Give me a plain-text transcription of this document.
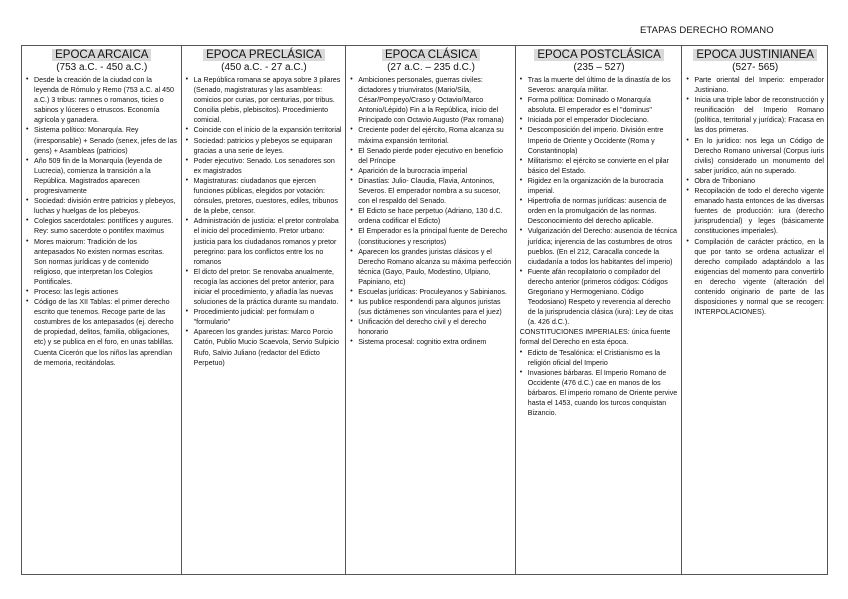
ETAPAS DERECHO ROMANO
EPOCA ARCAICA
(753 a.C. - 450 a.C.)
• Desde la creación de la ciudad con la leyenda de Rómulo y Remo (753 a.C. al 450 a.C.) 3 tribus: ramnes o romanos, ticies o sabinos y lúceres o etruscos. Economía agrícola y ganadera.
• Sistema político: Monarquía. Rey (irresponsable) + Senado (senex, jefes de las gens) + Asambleas (patricios)
• Año 509 fin de la Monarquía (leyenda de Lucrecia), comienza la transición a la República. Magistrados aparecen progresivamente
• Sociedad: división entre patricios y plebeyos, luchas y huelgas de los plebeyos.
• Colegios sacerdotales: pontífices y augures. Rey: sumo sacerdote o pontifex maximus
• Mores maiorum: Tradición de los antepasados No existen normas escritas. Son normas jurídicas y de contenido religioso, que interpretan los Colegios Pontificales.
• Proceso: las legis actiones
• Código de las XII Tablas: el primer derecho escrito que tenemos. Recoge parte de las costumbres de los antepasados (ej. derecho de propiedad, delitos, familia, obligaciones, etc) y se publica en el foro, en unas tablillas. Cuenta Cicerón que los niños las aprendían de memoria, recitándolas.
EPOCA PRECLÁSICA
(450 a.C. - 27 a.C.)
• La República romana se apoya sobre 3 pilares (Senado, magistraturas y las asambleas: comicios por curias, por centurias, por tribus. Concilia plebis, plebiscitos). Procedimiento comicial.
• Coincide con el inicio de la expansión territorial
• Sociedad: patricios y plebeyos se equiparan gracias a una serie de leyes.
• Poder ejecutivo: Senado. Los senadores son ex magistrados
• Magistraturas: ciudadanos que ejercen funciones públicas, elegidos por votación: cónsules, pretores, cuestores, ediles, tribunos de la plebe, censor.
• Administración de justicia: el pretor controlaba el inicio del procedimiento. Pretor urbano: justicia para los ciudadanos romanos y pretor peregrino: para los conflictos entre los no romanos
• El dicto del pretor: Se renovaba anualmente, recogía las acciones del pretor anterior, para iniciar el procedimiento, y añadía las nuevas soluciones de la práctica durante su mandato.
• Procedimiento judicial: per formulam o "formulario"
• Aparecen los grandes juristas: Marco Porcio Catón, Publio Mucio Scaevola, Servio Sulpicio Rufo, Salvio Juliano (redactor del Edicto Perpetuo)
EPOCA CLÁSICA
(27 a.C. – 235 d.C.)
• Ambiciones personales, guerras civiles: dictadores y triunviratos (Mario/Sila, César/Pompeyo/Craso y Octavio/Marco Antonio/Lépido) Fin a la República, inicio del Principado con Octavio Augusto (Pax romana)
• Creciente poder del ejército, Roma alcanza su máxima expansión territorial.
• El Senado pierde poder ejecutivo en beneficio del Príncipe
• Aparición de la burocracia imperial
• Dinastías: Julio- Claudia, Flavia, Antoninos, Severos. El emperador nombra a su sucesor, con el respaldo del Senado.
• El Edicto se hace perpetuo (Adriano, 130 d.C. ordena codificar el Edicto)
• El Emperador es la principal fuente de Derecho (constituciones y rescriptos)
• Aparecen los grandes juristas clásicos y el Derecho Romano alcanza su máxima perfección técnica (Gayo, Paulo, Modestino, Ulpiano, Papiniano, etc)
• Escuelas jurídicas: Proculeyanos y Sabinianos.
• Ius publice respondendi para algunos juristas (sus dictámenes son vinculantes para el juez)
• Unificación del derecho civil y el derecho honorario
• Sistema procesal: cognitio extra ordinem
EPOCA POSTCLÁSICA
(235 – 527)
• Tras la muerte del último de la dinastía de los Severos: anarquía militar.
• Forma política: Dominado o Monarquía absoluta. El emperador es el "dominus"
• Iniciada por el emperador Diocleciano.
• Descomposición del imperio. División entre Imperio de Oriente y Occidente (Roma y Constantinopla)
• Militarismo: el ejército se convierte en el pilar básico del Estado.
• Rigidez en la organización de la burocracia imperial.
• Hipertrofia de normas jurídicas: ausencia de orden en la promulgación de las normas. Desconocimiento del derecho aplicable.
• Vulgarización del Derecho: ausencia de técnica jurídica; injerencia de las costumbres de otros pueblos. (En el 212, Caracalla concede la ciudadanía a todos los habitantes del imperio)
• Fuente afán recopilatorio o compilador del derecho anterior (primeros códigos: Códigos Gregoriano y Hermogeniano. Código Teodosiano) Respeto y reverencia al derecho de la jurisprudencia clásica (iura): Ley de citas (a. 426 d.C.).
CONSTITUCIONES IMPERIALES: única fuente formal del Derecho en esta época.
• Edicto de Tesalónica: el Cristianismo es la religión oficial del Imperio
• Invasiones bárbaras. El Imperio Romano de Occidente (476 d.C.) cae en manos de los bárbaros. El imperio romano de Oriente pervive hasta el 1453, cuando los turcos conquistan Bizancio.
EPOCA JUSTINIANEA
(527- 565)
• Parte oriental del Imperio: emperador Justiniano.
• Inicia una triple labor de reconstrucción y reunificación del Imperio Romano (política, territorial y jurídica): Fracasa en las dos primeras.
• En lo jurídico: nos lega un Código de Derecho Romano universal (Corpus iuris civilis) considerado un monumento del saber jurídico, aún no superado.
• Obra de Triboniano
• Recopilación de todo el derecho vigente emanado hasta entonces de las diversas fuentes de producción: iura (derecho jurisprudencial) y leges (básicamente constituciones imperiales).
• Compilación de carácter práctico, en la que por tanto se ordena actualizar el derecho compilado adaptándolo a las exigencias del momento para convertirlo en derecho vigente (alteración del contenido originario de parte de las disposiciones y normal que se recogen: INTERPOLACIONES).
